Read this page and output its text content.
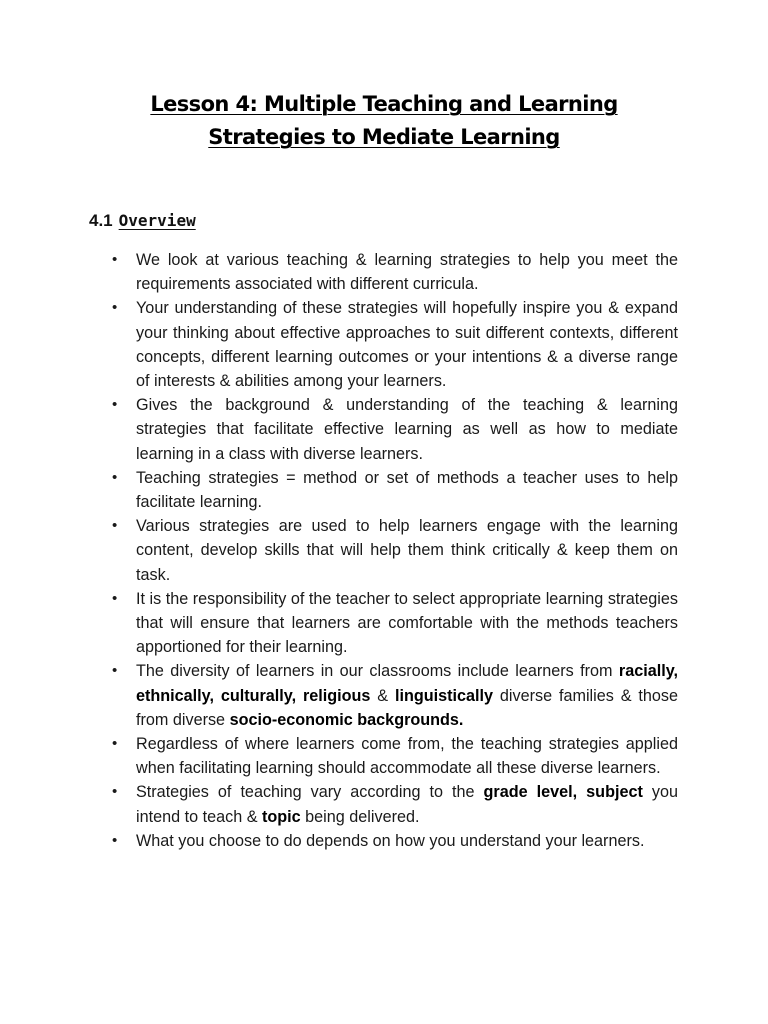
Lesson 4: Multiple Teaching and Learning
Strategies to Mediate Learning
4.1 Overview
• We look at various teaching & learning strategies to help you meet the requirements associated with different curricula.
• Your understanding of these strategies will hopefully inspire you & expand your thinking about effective approaches to suit different contexts, different concepts, different learning outcomes or your intentions & a diverse range of interests & abilities among your learners.
• Gives the background & understanding of the teaching & learning strategies that facilitate effective learning as well as how to mediate learning in a class with diverse learners.
• Teaching strategies = method or set of methods a teacher uses to help facilitate learning.
• Various strategies are used to help learners engage with the learning content, develop skills that will help them think critically & keep them on task.
• It is the responsibility of the teacher to select appropriate learning strategies that will ensure that learners are comfortable with the methods teachers apportioned for their learning.
• The diversity of learners in our classrooms include learners from racially, ethnically, culturally, religious & linguistically diverse families & those from diverse socio-economic backgrounds.
• Regardless of where learners come from, the teaching strategies applied when facilitating learning should accommodate all these diverse learners.
• Strategies of teaching vary according to the grade level, subject you intend to teach & topic being delivered.
• What you choose to do depends on how you understand your learners.
